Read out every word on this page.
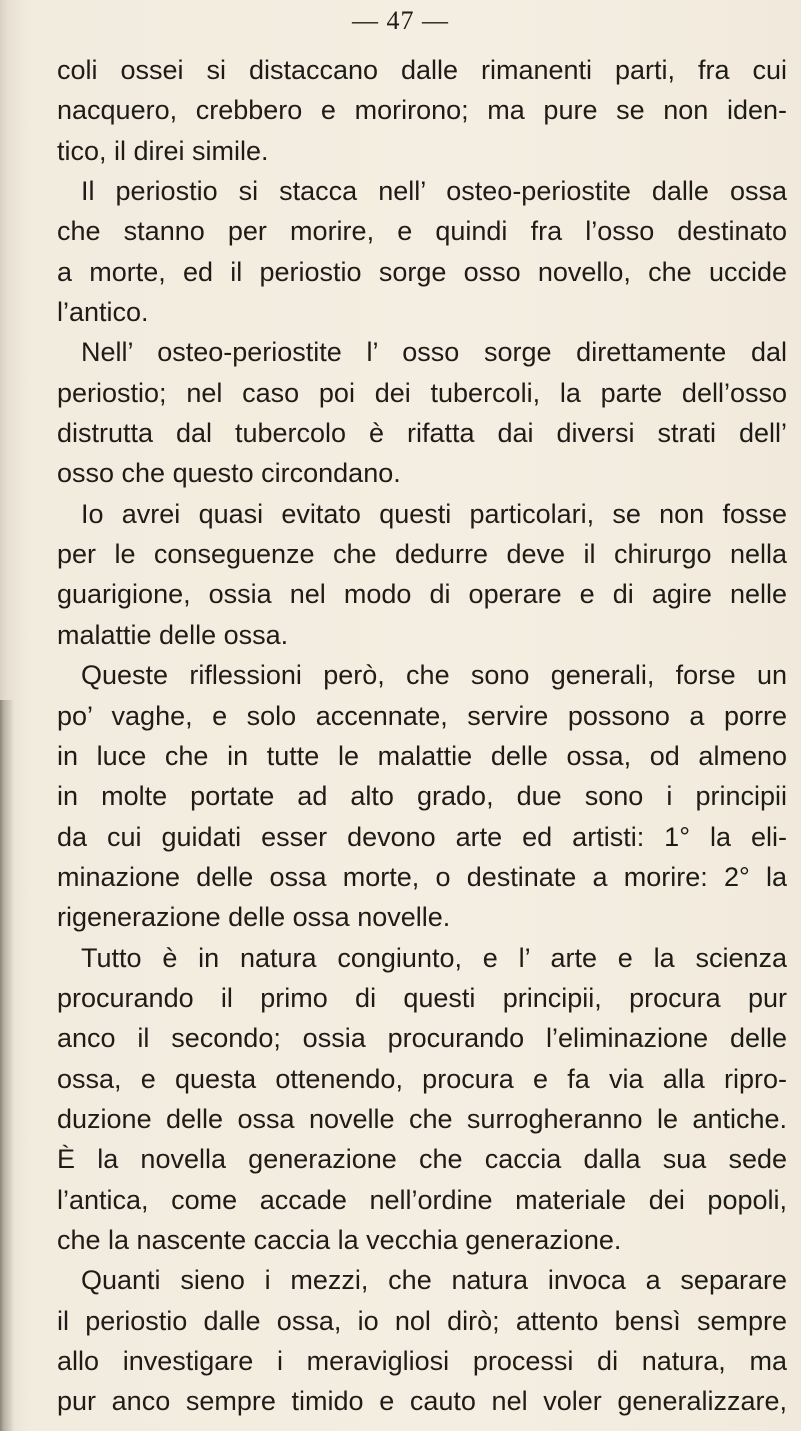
— 47 —
coli ossei si distaccano dalle rimanenti parti, fra cui
nacquero, crebbero e morirono; ma pure se non iden-
tico, il direi simile.
Il periostio si stacca nell’ osteo-periostite dalle ossa
che stanno per morire, e quindi fra l’osso destinato
a morte, ed il periostio sorge osso novello, che uccide
l’antico.
Nell’ osteo-periostite l’ osso sorge direttamente dal
periostio; nel caso poi dei tubercoli, la parte dell’osso
distrutta dal tubercolo è rifatta dai diversi strati dell’
osso che questo circondano.
Io avrei quasi evitato questi particolari, se non fosse
per le conseguenze che dedurre deve il chirurgo nella
guarigione, ossia nel modo di operare e di agire nelle
malattie delle ossa.
Queste riflessioni però, che sono generali, forse un
po’ vaghe, e solo accennate, servire possono a porre
in luce che in tutte le malattie delle ossa, od almeno
in molte portate ad alto grado, due sono i principii
da cui guidati esser devono arte ed artisti: 1° la eli-
minazione delle ossa morte, o destinate a morire: 2° la
rigenerazione delle ossa novelle.
Tutto è in natura congiunto, e l’ arte e la scienza
procurando il primo di questi principii, procura pur
anco il secondo; ossia procurando l’eliminazione delle
ossa, e questa ottenendo, procura e fa via alla ripro-
duzione delle ossa novelle che surrogheranno le antiche.
È la novella generazione che caccia dalla sua sede
l’antica, come accade nell’ordine materiale dei popoli,
che la nascente caccia la vecchia generazione.
Quanti sieno i mezzi, che natura invoca a separare
il periostio dalle ossa, io nol dirò; attento bensì sempre
allo investigare i meravigliosi processi di natura, ma
pur anco sempre timido e cauto nel voler generalizzare,
